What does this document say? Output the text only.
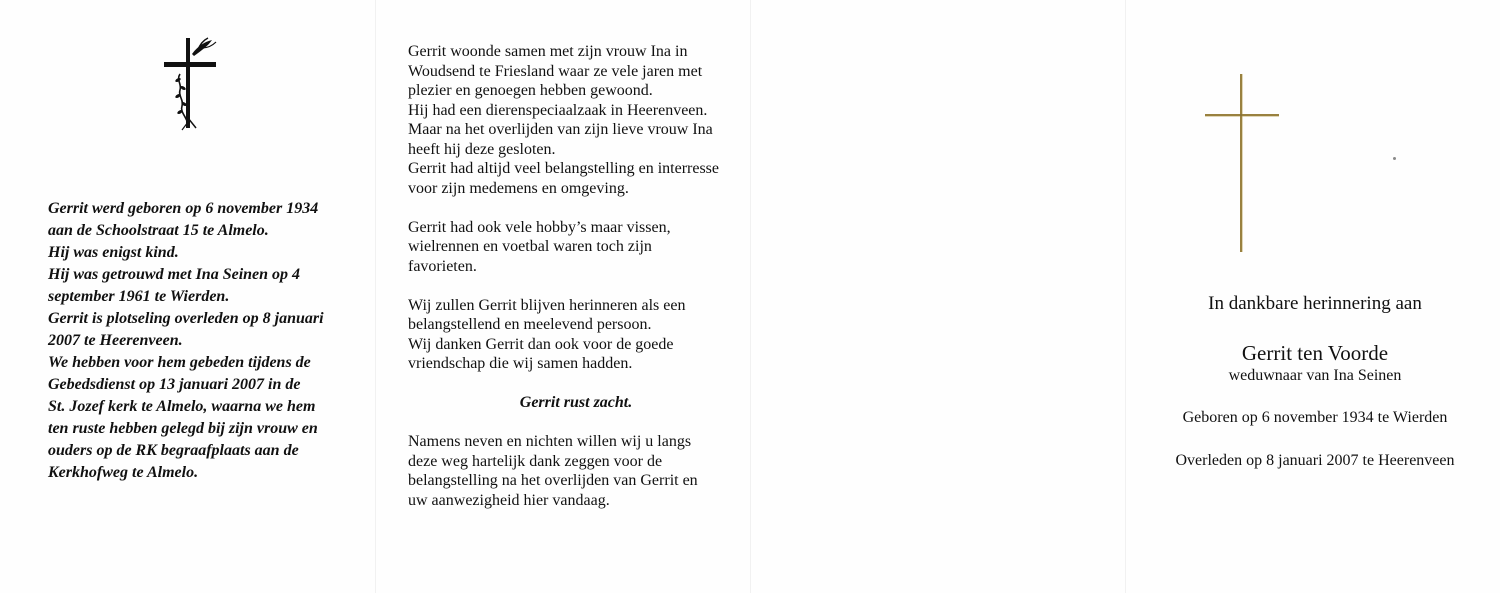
Gerrit werd geboren op 6 november 1934
aan de Schoolstraat 15 te Almelo.
Hij was enigst kind.
Hij was getrouwd met Ina Seinen op 4
september 1961 te Wierden.
Gerrit is plotseling overleden op 8 januari
2007 te Heerenveen.
We hebben voor hem gebeden tijdens de
Gebedsdienst op 13 januari 2007 in de
St. Jozef kerk te Almelo, waarna we hem
ten ruste hebben gelegd bij zijn vrouw en
ouders op de RK begraafplaats aan de
Kerkhofweg te Almelo.
Gerrit woonde samen met zijn vrouw Ina in
Woudsend te Friesland waar ze vele jaren met
plezier en genoegen hebben gewoond.
Hij had een dierenspeciaalzaak in Heerenveen.
Maar na het overlijden van zijn lieve vrouw Ina
heeft hij deze gesloten.
Gerrit had altijd veel belangstelling en interresse
voor zijn medemens en omgeving.
Gerrit had ook vele hobby’s maar vissen,
wielrennen en voetbal waren toch zijn
favorieten.
Wij zullen Gerrit blijven herinneren als een
belangstellend en meelevend persoon.
Wij danken Gerrit dan ook voor de goede
vriendschap die wij samen hadden.
Gerrit rust zacht.
Namens neven en nichten willen wij u langs
deze weg hartelijk dank zeggen voor de
belangstelling na het overlijden van Gerrit en
uw aanwezigheid hier vandaag.
In dankbare herinnering aan
Gerrit ten Voorde
weduwnaar van Ina Seinen
Geboren op 6 november 1934 te Wierden
Overleden op 8 januari 2007 te Heerenveen
